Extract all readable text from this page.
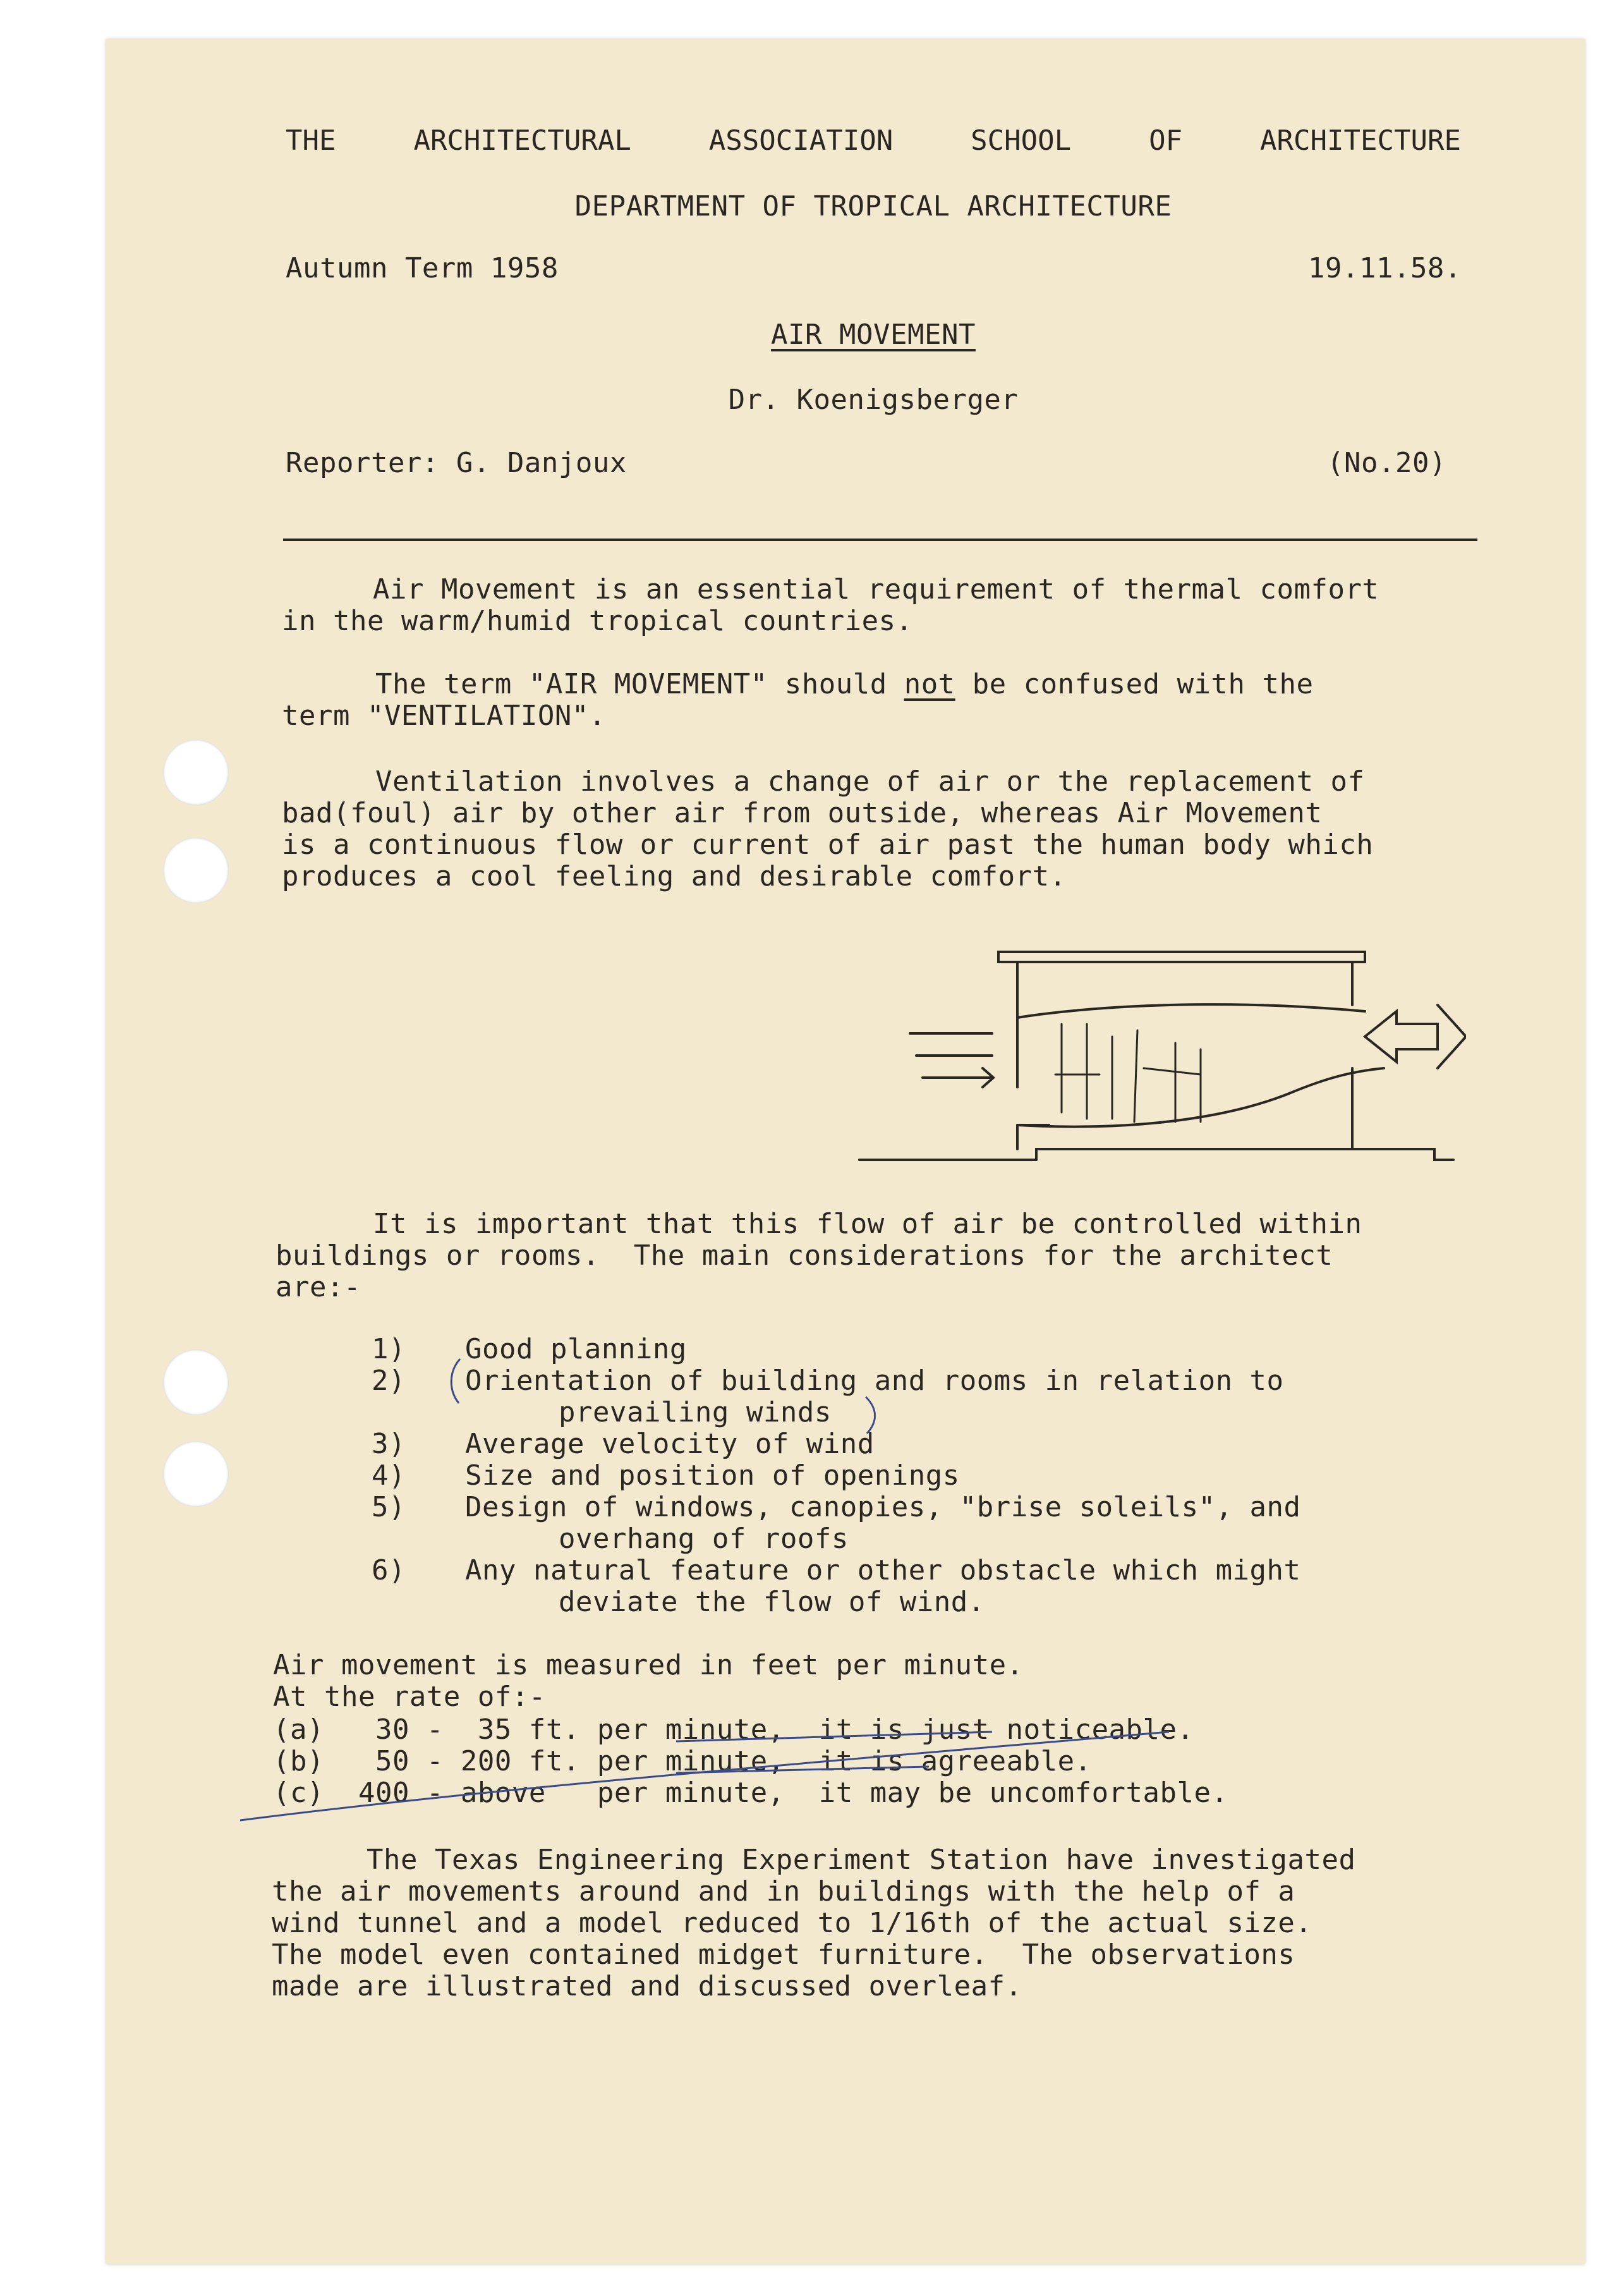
THE	ARCHITECTURAL	ASSOCIATION	SCHOOL	OF	ARCHITECTURE
DEPARTMENT OF TROPICAL ARCHITECTURE
Autumn Term 1958	19.11.58.
AIR MOVEMENT
Dr. Koenigsberger
Reporter: G. Danjoux	(No.20)
Air Movement is an essential requirement of thermal comfort
in the warm/humid tropical countries.
The term "AIR MOVEMENT" should not be confused with the
term "VENTILATION".
Ventilation involves a change of air or the replacement of
bad(foul) air by other air from outside, whereas Air Movement
is a continuous flow or current of air past the human body which
produces a cool feeling and desirable comfort.
It is important that this flow of air be controlled within
buildings or rooms.  The main considerations for the architect
are:-
1) Good planning
2) Orientation of building and rooms in relation to
prevailing winds
3) Average velocity of wind
4) Size and position of openings
5) Design of windows, canopies, "brise soleils", and
overhang of roofs
6) Any natural feature or other obstacle which might
deviate the flow of wind.
Air movement is measured in feet per minute.
At the rate of:-
(a) 30 -  35 ft. per minute,  it is just noticeable.
(b) 50 - 200 ft. per minute,  it is agreeable.
(c) 400 - above   per minute,  it may be uncomfortable.
The Texas Engineering Experiment Station have investigated
the air movements around and in buildings with the help of a
wind tunnel and a model reduced to 1/16th of the actual size.
The model even contained midget furniture.  The observations
made are illustrated and discussed overleaf.
